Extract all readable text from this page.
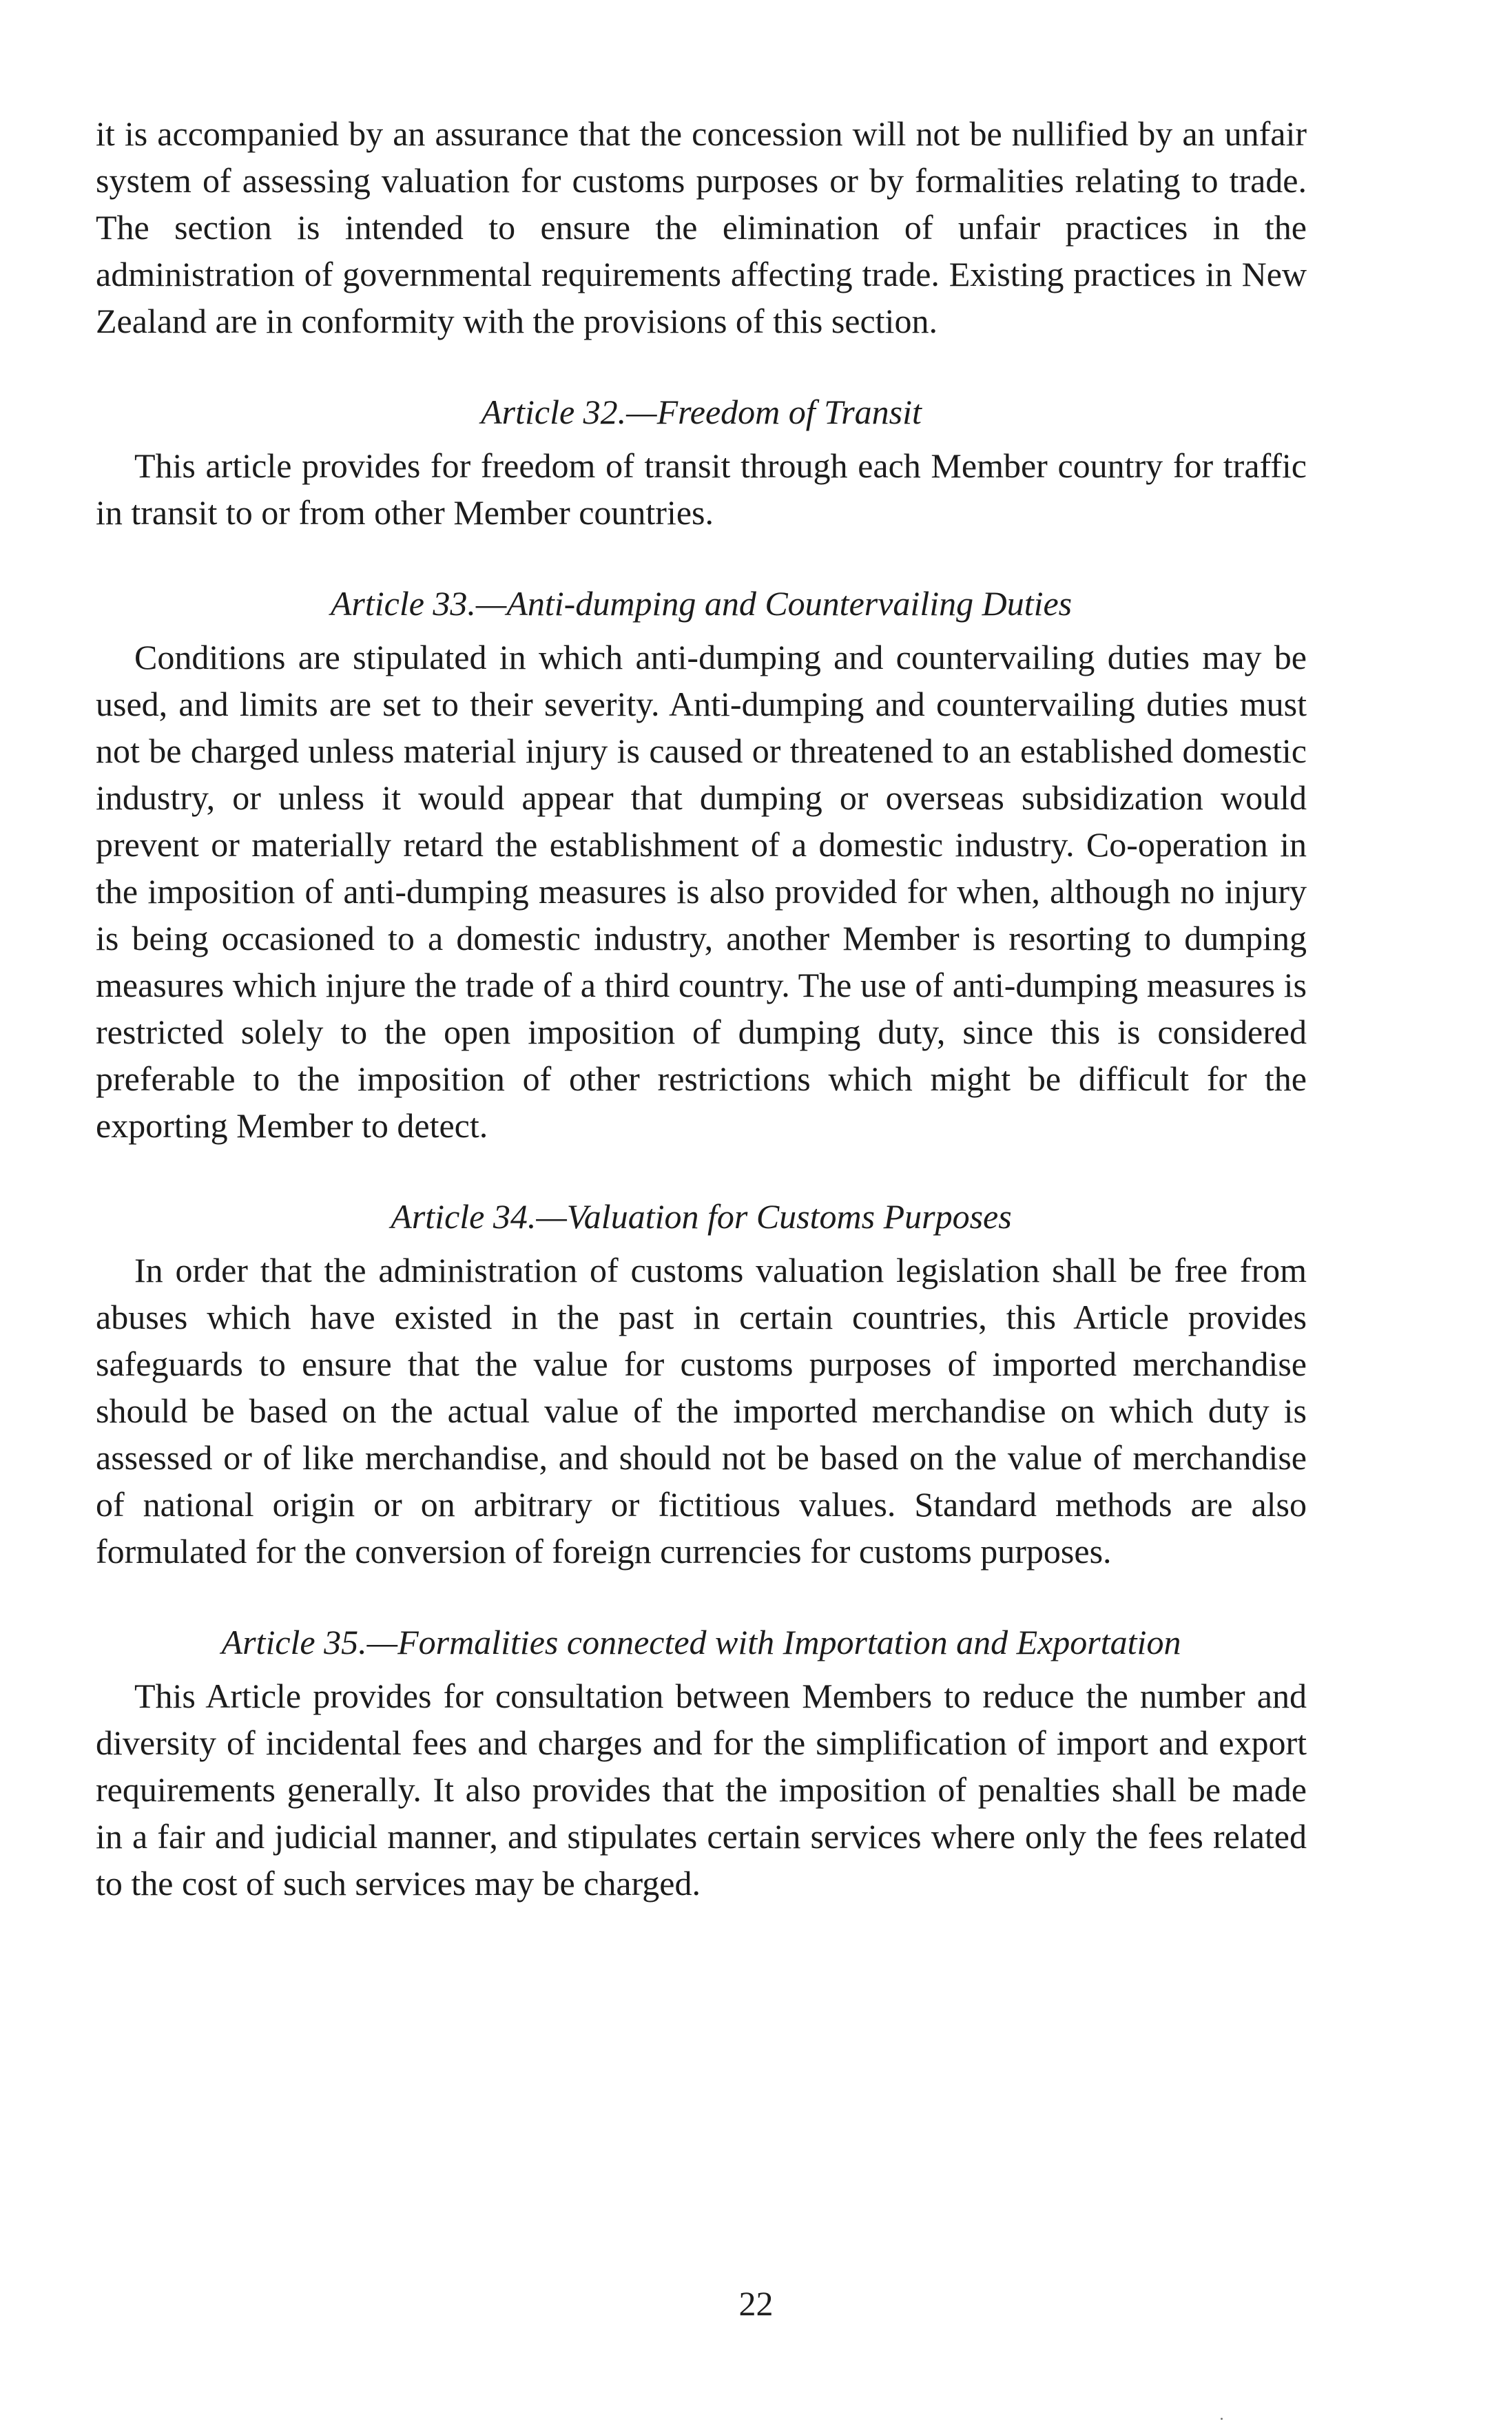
it is accompanied by an assurance that the concession will not be nullified by an unfair system of assessing valuation for customs purposes or by formalities relating to trade. The section is intended to ensure the elimination of unfair practices in the administration of governmental requirements affecting trade. Existing practices in New Zealand are in conformity with the provisions of this section.

Article 32.—Freedom of Transit

This article provides for freedom of transit through each Member country for traffic in transit to or from other Member countries.

Article 33.—Anti-dumping and Countervailing Duties

Conditions are stipulated in which anti-dumping and countervailing duties may be used, and limits are set to their severity. Anti-dumping and countervailing duties must not be charged unless material injury is caused or threatened to an established domestic industry, or unless it would appear that dumping or overseas subsidization would prevent or materially retard the establishment of a domestic industry. Co-operation in the imposition of anti-dumping measures is also provided for when, although no injury is being occasioned to a domestic industry, another Member is resorting to dumping measures which injure the trade of a third country. The use of anti-dumping measures is restricted solely to the open imposition of dumping duty, since this is considered preferable to the imposition of other restrictions which might be difficult for the exporting Member to detect.

Article 34.—Valuation for Customs Purposes

In order that the administration of customs valuation legislation shall be free from abuses which have existed in the past in certain countries, this Article provides safeguards to ensure that the value for customs purposes of imported merchandise should be based on the actual value of the imported merchandise on which duty is assessed or of like merchandise, and should not be based on the value of merchandise of national origin or on arbitrary or fictitious values. Standard methods are also formulated for the conversion of foreign currencies for customs purposes.

Article 35.—Formalities connected with Importation and Exportation

This Article provides for consultation between Members to reduce the number and diversity of incidental fees and charges and for the simplification of import and export requirements generally. It also provides that the imposition of penalties shall be made in a fair and judicial manner, and stipulates certain services where only the fees related to the cost of such services may be charged.

22
